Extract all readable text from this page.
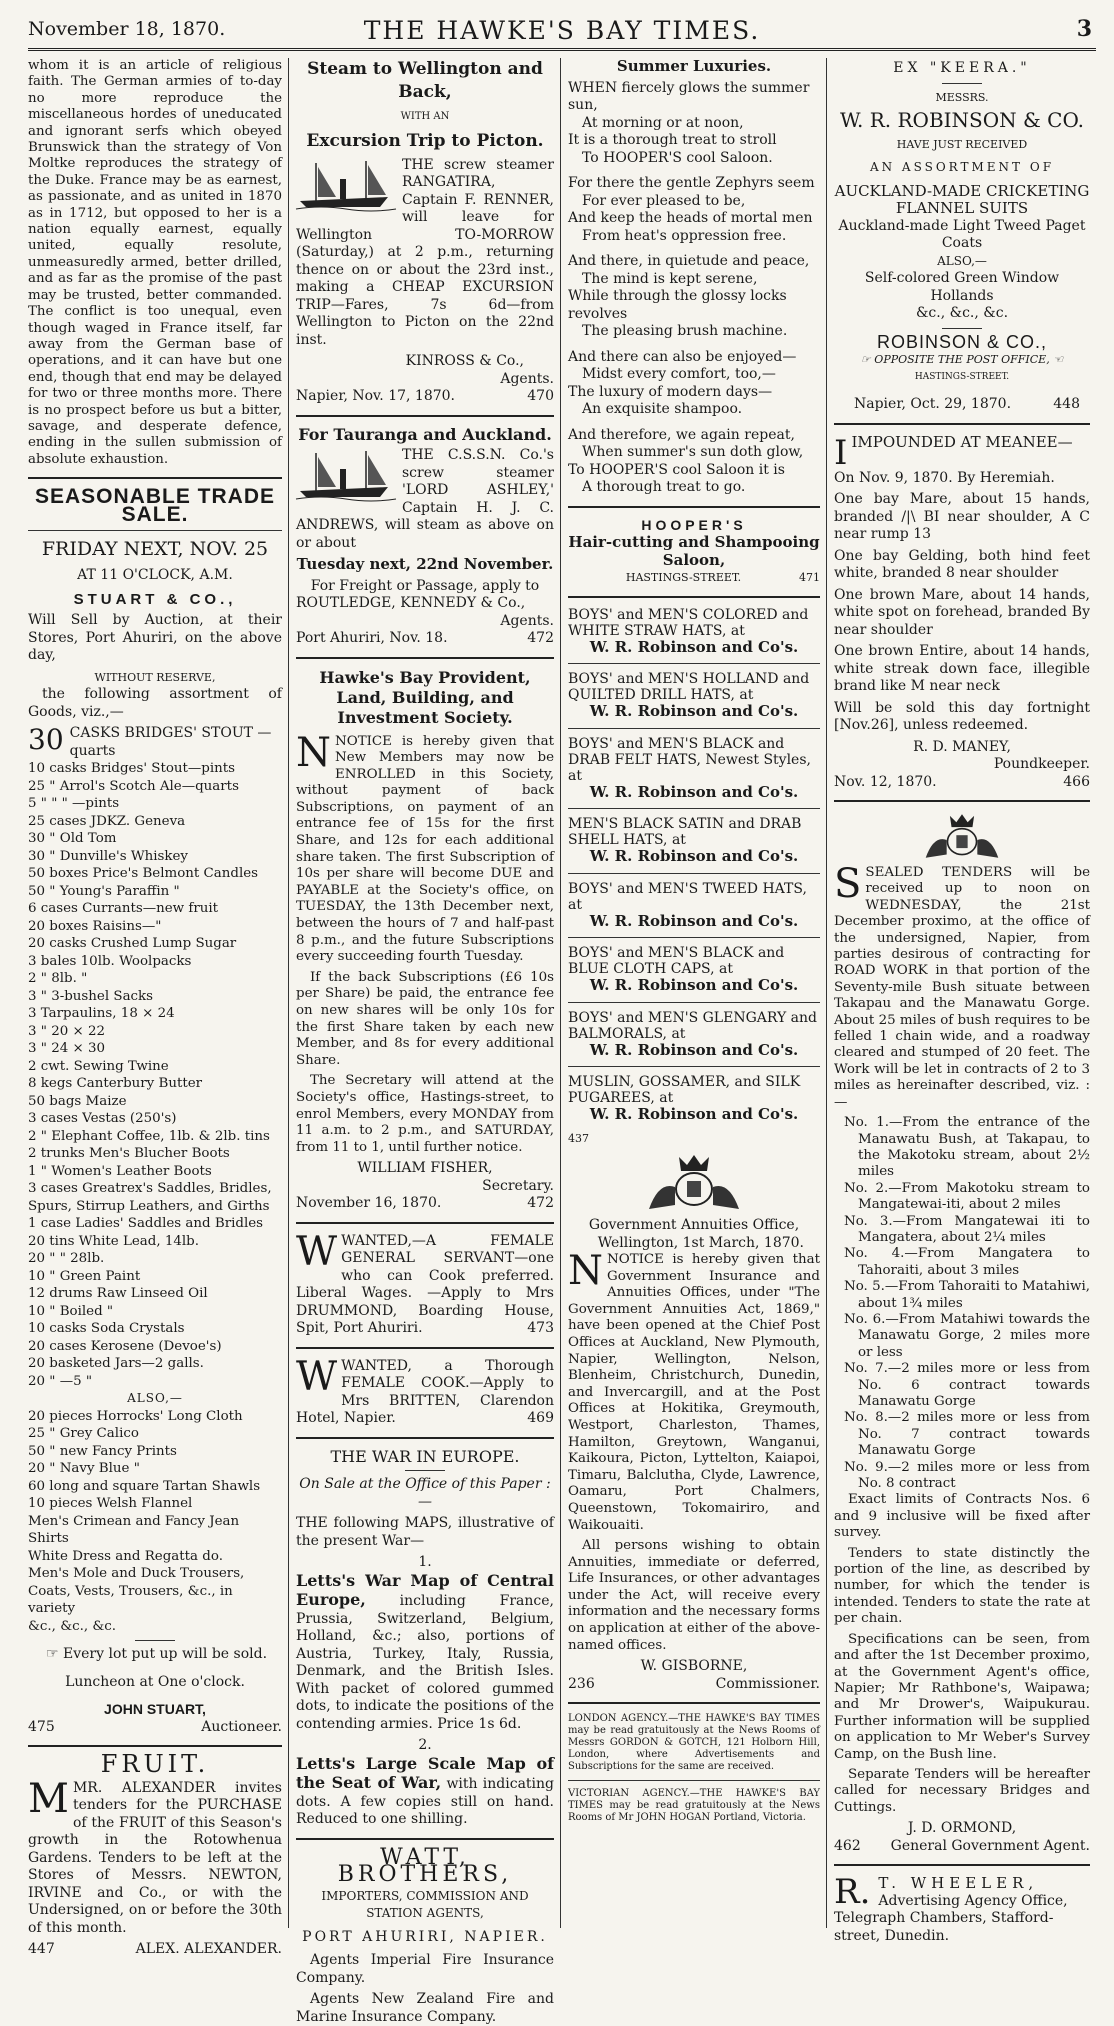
November 18, 1870.	THE HAWKE'S BAY TIMES.	3

whom it is an article of religious faith. The German armies of to-day no more reproduce the miscellaneous hordes of uneducated and ignorant serfs which obeyed Brunswick than the strategy of Von Moltke reproduces the strategy of the Duke. France may be as earnest, as passionate, and as united in 1870 as in 1712, but opposed to her is a nation equally earnest, equally united, equally resolute, unmeasuredly armed, better drilled, and as far as the promise of the past may be trusted, better commanded. The conflict is too unequal, even though waged in France itself, far away from the German base of operations, and it can have but one end, though that end may be delayed for two or three months more. There is no prospect before us but a bitter, savage, and desperate defence, ending in the sullen submission of absolute exhaustion.

SEASONABLE TRADE SALE.
FRIDAY NEXT, NOV. 25
AT 11 O'CLOCK, A.M.
STUART & CO.,

Will Sell by Auction, at their Stores, Port Ahuriri, on the above day,

WITHOUT RESERVE,

the following assortment of Goods, viz.,—

30 CASKS BRIDGES' STOUT —quarts
10 casks Bridges' Stout—pints
25 " Arrol's Scotch Ale—quarts
5 " " " —pints
25 cases JDKZ. Geneva
30 " Old Tom
30 " Dunville's Whiskey
50 boxes Price's Belmont Candles
50 " Young's Paraffin "
6 cases Currants—new fruit
20 boxes Raisins—"
20 casks Crushed Lump Sugar
3 bales 10lb. Woolpacks
2 " 8lb. "
3 " 3-bushel Sacks
3 Tarpaulins, 18 × 24
3 " 20 × 22
3 " 24 × 30
2 cwt. Sewing Twine
8 kegs Canterbury Butter
50 bags Maize
3 cases Vestas (250's)
2 " Elephant Coffee, 1lb. & 2lb. tins
2 trunks Men's Blucher Boots
1 " Women's Leather Boots
3 cases Greatrex's Saddles, Bridles, Spurs, Stirrup Leathers, and Girths
1 case Ladies' Saddles and Bridles
20 tins White Lead, 14lb.
20 " " 28lb.
10 " Green Paint
12 drums Raw Linseed Oil
10 " Boiled "
10 casks Soda Crystals
20 cases Kerosene (Devoe's)
20 basketed Jars—2 galls.
20 " —5 "
ALSO,—
20 pieces Horrocks' Long Cloth
25 " Grey Calico
50 " new Fancy Prints
20 " Navy Blue "
60 long and square Tartan Shawls
10 pieces Welsh Flannel
Men's Crimean and Fancy Jean Shirts
White Dress and Regatta do.
Men's Mole and Duck Trousers, Coats, Vests, Trousers, &c., in variety
&c., &c., &c.
☞ Every lot put up will be sold.
Luncheon at One o'clock.
JOHN STUART,
475	Auctioneer.
FRUIT.

MMR. ALEXANDER invites tenders for the PURCHASE of the FRUIT of this Season's growth in the Rotowhenua Gardens. Tenders to be left at the Stores of Messrs. NEWTON, IRVINE and Co., or with the Undersigned, on or before the 30th of this month.

447	ALEX. ALEXANDER.
Steam to Wellington and Back,
WITH AN
Excursion Trip to Picton.

THE screw steamer RANGATIRA, Captain F. RENNER, will leave for Wellington TO-MORROW (Saturday,) at 2 p.m., returning thence on or about the 23rd inst., making a CHEAP EXCURSION TRIP—Fares, 7s 6d—from Wellington to Picton on the 22nd inst.

KINROSS & Co.,
Agents.
Napier, Nov. 17, 1870.	470
For Tauranga and Auckland.

THE C.S.S.N. Co.'s screw steamer 'LORD ASHLEY,' Captain H. J. C. ANDREWS, will steam as above on or about

Tuesday next, 22nd November.
For Freight or Passage, apply to
ROUTLEDGE, KENNEDY & Co.,
Agents.
Port Ahuriri, Nov. 18.	472
Hawke's Bay Provident, Land, Building, and Investment Society.

NNOTICE is hereby given that New Members may now be ENROLLED in this Society, without payment of back Subscriptions, on payment of an entrance fee of 15s for the first Share, and 12s for each additional share taken. The first Subscription of 10s per share will become DUE and PAYABLE at the Society's office, on TUESDAY, the 13th December next, between the hours of 7 and half-past 8 p.m., and the future Subscriptions every succeeding fourth Tuesday.

If the back Subscriptions (£6 10s per Share) be paid, the entrance fee on new shares will be only 10s for the first Share taken by each new Member, and 8s for every additional Share.

The Secretary will attend at the Society's office, Hastings-street, to enrol Members, every MONDAY from 11 a.m. to 2 p.m., and SATURDAY, from 11 to 1, until further notice.

WILLIAM FISHER,
Secretary.
November 16, 1870.	472

WWANTED,—A FEMALE GENERAL SERVANT—one who can Cook preferred. Liberal Wages. —Apply to Mrs DRUMMOND, Boarding House, Spit, Port Ahuriri.	473

WWANTED, a Thorough FEMALE COOK.—Apply to Mrs BRITTEN, Clarendon Hotel, Napier.	469

THE WAR IN EUROPE.
On Sale at the Office of this Paper :—

THE following MAPS, illustrative of the present War—

1.

Letts's War Map of Central Europe, including France, Prussia, Switzerland, Belgium, Holland, &c.; also, portions of Austria, Turkey, Italy, Russia, Denmark, and the British Isles. With packet of colored gummed dots, to indicate the positions of the contending armies. Price 1s 6d.

2.

Letts's Large Scale Map of the Seat of War, with indicating dots. A few copies still on hand. Reduced to one shilling.

WATT, BROTHERS,
IMPORTERS, COMMISSION AND
STATION AGENTS,
PORT AHURIRI, NAPIER.

Agents Imperial Fire Insurance Company.

Agents New Zealand Fire and Marine Insurance Company.

Summer Luxuries.
WHEN fiercely glows the summer sun,
At morning or at noon,
It is a thorough treat to stroll
To HOOPER'S cool Saloon.
For there the gentle Zephyrs seem
For ever pleased to be,
And keep the heads of mortal men
From heat's oppression free.
And there, in quietude and peace,
The mind is kept serene,
While through the glossy locks revolves
The pleasing brush machine.
And there can also be enjoyed—
Midst every comfort, too,—
The luxury of modern days—
An exquisite shampoo.
And therefore, we again repeat,
When summer's sun doth glow,
To HOOPER'S cool Saloon it is
A thorough treat to go.
HOOPER'S
Hair-cutting and Shampooing Saloon,
HASTINGS-STREET.	471

BOYS' and MEN'S COLORED and WHITE STRAW HATS, at

W. R. Robinson and Co's.

BOYS' and MEN'S HOLLAND and QUILTED DRILL HATS, at

W. R. Robinson and Co's.

BOYS' and MEN'S BLACK and DRAB FELT HATS, Newest Styles, at

W. R. Robinson and Co's.

MEN'S BLACK SATIN and DRAB SHELL HATS, at

W. R. Robinson and Co's.

BOYS' and MEN'S TWEED HATS, at

W. R. Robinson and Co's.

BOYS' and MEN'S BLACK and BLUE CLOTH CAPS, at

W. R. Robinson and Co's.

BOYS' and MEN'S GLENGARY and BALMORALS, at

W. R. Robinson and Co's.

MUSLIN, GOSSAMER, and SILK PUGAREES, at

W. R. Robinson and Co's.
437
Government Annuities Office,
Wellington, 1st March, 1870.

NNOTICE is hereby given that Government Insurance and Annuities Offices, under "The Government Annuities Act, 1869," have been opened at the Chief Post Offices at Auckland, New Plymouth, Napier, Wellington, Nelson, Blenheim, Christchurch, Dunedin, and Invercargill, and at the Post Offices at Hokitika, Greymouth, Westport, Charleston, Thames, Hamilton, Greytown, Wanganui, Kaikoura, Picton, Lyttelton, Kaiapoi, Timaru, Balclutha, Clyde, Lawrence, Oamaru, Port Chalmers, Queenstown, Tokomairiro, and Waikouaiti.

All persons wishing to obtain Annuities, immediate or deferred, Life Insurances, or other advantages under the Act, will receive every information and the necessary forms on application at either of the above-named offices.

W. GISBORNE,
236	Commissioner.

LONDON AGENCY.—THE HAWKE'S BAY TIMES may be read gratuitously at the News Rooms of Messrs GORDON & GOTCH, 121 Holborn Hill, London, where Advertisements and Subscriptions for the same are received.

VICTORIAN AGENCY.—THE HAWKE'S BAY TIMES may be read gratuitously at the News Rooms of Mr JOHN HOGAN Portland, Victoria.

EX "KEERA."
MESSRS.
W. R. ROBINSON & CO.
HAVE JUST RECEIVED
AN ASSORTMENT OF
AUCKLAND-MADE CRICKETING FLANNEL SUITS
Auckland-made Light Tweed Paget Coats
ALSO,—
Self-colored Green Window Hollands
&c., &c., &c.
ROBINSON & CO.,
☞ OPPOSITE THE POST OFFICE, ☜
HASTINGS-STREET.
Napier, Oct. 29, 1870.	448
IIMPOUNDED AT MEANEE—

On Nov. 9, 1870. By Heremiah.

One bay Mare, about 15 hands, branded /|\ BI near shoulder, A C near rump 13

One bay Gelding, both hind feet white, branded 8 near shoulder

One brown Mare, about 14 hands, white spot on forehead, branded By near shoulder

One brown Entire, about 14 hands, white streak down face, illegible brand like M near neck

Will be sold this day fortnight [Nov.26], unless redeemed.

R. D. MANEY,
Poundkeeper.
Nov. 12, 1870.	466

SSEALED TENDERS will be received up to noon on WEDNESDAY, the 21st December proximo, at the office of the undersigned, Napier, from parties desirous of contracting for ROAD WORK in that portion of the Seventy-mile Bush situate between Takapau and the Manawatu Gorge. About 25 miles of bush requires to be felled 1 chain wide, and a roadway cleared and stumped of 20 feet. The Work will be let in contracts of 2 to 3 miles as hereinafter described, viz. :—

No. 1.—From the entrance of the Manawatu Bush, at Takapau, to the Makotoku stream, about 2½ miles

No. 2.—From Makotoku stream to Mangatewai-iti, about 2 miles

No. 3.—From Mangatewai iti to Mangatera, about 2¼ miles

No. 4.—From Mangatera to Tahoraiti, about 3 miles

No. 5.—From Tahoraiti to Matahiwi, about 1¾ miles

No. 6.—From Matahiwi towards the Manawatu Gorge, 2 miles more or less

No. 7.—2 miles more or less from No. 6 contract towards Manawatu Gorge

No. 8.—2 miles more or less from No. 7 contract towards Manawatu Gorge

No. 9.—2 miles more or less from No. 8 contract

Exact limits of Contracts Nos. 6 and 9 inclusive will be fixed after survey.

Tenders to state distinctly the portion of the line, as described by number, for which the tender is intended. Tenders to state the rate at per chain.

Specifications can be seen, from and after the 1st December proximo, at the Government Agent's office, Napier; Mr Rathbone's, Waipawa; and Mr Drower's, Waipukurau. Further information will be supplied on application to Mr Weber's Survey Camp, on the Bush line.

Separate Tenders will be hereafter called for necessary Bridges and Cuttings.

J. D. ORMOND,
462 General Government Agent.
R. T. WHEELER,
Advertising Agency Office, Telegraph Chambers, Stafford-street, Dunedin.
